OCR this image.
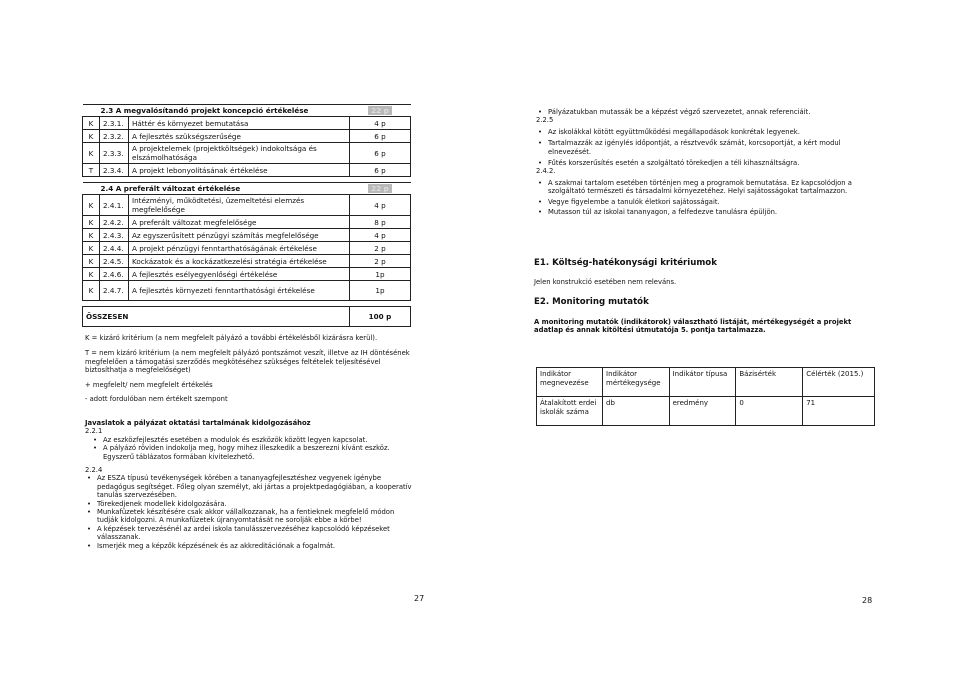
2.3 A megvalósítandó projekt koncepció értékelése			22 p
K	2.3.1.	Háttér és környezet bemutatása	4 p
K	2.3.2.	A fejlesztés szükségszerűsége	6 p
K	2.3.3.	A projektelemek (projektköltségek) indokoltsága és elszámolhatósága	6 p
T	2.3.4.	A projekt lebonyolításának értékelése	6 p

2.4 A preferált változat értékelése			22 p
K	2.4.1.	Intézményi, működtetési, üzemeltetési elemzés megfelelősége	4 p
K	2.4.2.	A preferált változat megfelelősége	8 p
K	2.4.3.	Az egyszerűsített pénzügyi számítás megfelelősége	4 p
K	2.4.4.	A projekt pénzügyi fenntarthatóságának értékelése	2 p
K	2.4.5.	Kockázatok és a kockázatkezelési stratégia értékelése	2 p
K	2.4.6.	A fejlesztés esélyegyenlőségi értékelése	1p
K	2.4.7.	A fejlesztés környezeti fenntarthatósági értékelése	1p

ÖSSZESEN			100 p
K = kizáró kritérium (a nem megfelelt pályázó a további értékelésből kizárásra kerül).
T = nem kizáró kritérium (a nem megfelelt pályázó pontszámot veszít, illetve az IH döntésének megfelelően a támogatási szerződés megkötéséhez szükséges feltételek teljesítésével biztosíthatja a megfelelőséget)
+ megfelelt/ nem megfelelt értékelés
- adott fordulóban nem értékelt szempont
Javaslatok a pályázat oktatási tartalmának kidolgozásához
2.2.1
• Az eszközfejlesztés esetében a modulok és eszközök között legyen kapcsolat.
• A pályázó röviden indokolja meg, hogy mihez illeszkedik a beszerezni kívánt eszköz. Egyszerű táblázatos formában kivitelezhető.
2.2.4
• Az ESZA típusú tevékenységek körében a tananyagfejlesztéshez vegyenek igénybe pedagógus segítséget. Főleg olyan személyt, aki jártas a projektpedagógiában, a kooperatív tanulás szervezésében.
• Törekedjenek modellek kidolgozására.
• Munkafüzetek készítésére csak akkor vállalkozzanak, ha a fentieknek megfelelő módon tudják kidolgozni. A munkafüzetek újranyomtatását ne sorolják ebbe a körbe!
• A képzések tervezésénél az ardei iskola tanulásszervezéséhez kapcsolódó képzéseket válasszanak.
• Ismerjék meg a képzők képzésének és az akkreditációnak a fogalmát.
27
• Pályázatukban mutassák be a képzést végző szervezetet, annak referenciáit.
2.2.5
• Az iskolákkal kötött együttműködési megállapodások konkrétak legyenek.
• Tartalmazzák az igénylés időpontját, a résztvevők számát, korcsoportját, a kért modul elnevezését.
• Fűtés korszerűsítés esetén a szolgáltató törekedjen a téli kihasználtságra.
2.4.2.
• A szakmai tartalom esetében történjen meg a programok bemutatása. Ez kapcsolódjon a szolgáltató természeti és társadalmi környezetéhez. Helyi sajátosságokat tartalmazzon.
• Vegye figyelembe a tanulók életkori sajátosságait.
• Mutasson túl az iskolai tananyagon, a felfedezve tanulásra épüljön.
E1. Költség-hatékonysági kritériumok
Jelen konstrukció esetében nem releváns.
E2. Monitoring mutatók
A monitoring mutatók (indikátorok) választható listáját, mértékegységét a projekt adatlap és annak kitöltési útmutatója 5. pontja tartalmazza.
Indikátor megnevezése	Indikátor mértékegysége	Indikátor típusa	Bázisérték	Célérték (2015.)
Átalakított erdei iskolák száma	db	eredmény	0	71
28
